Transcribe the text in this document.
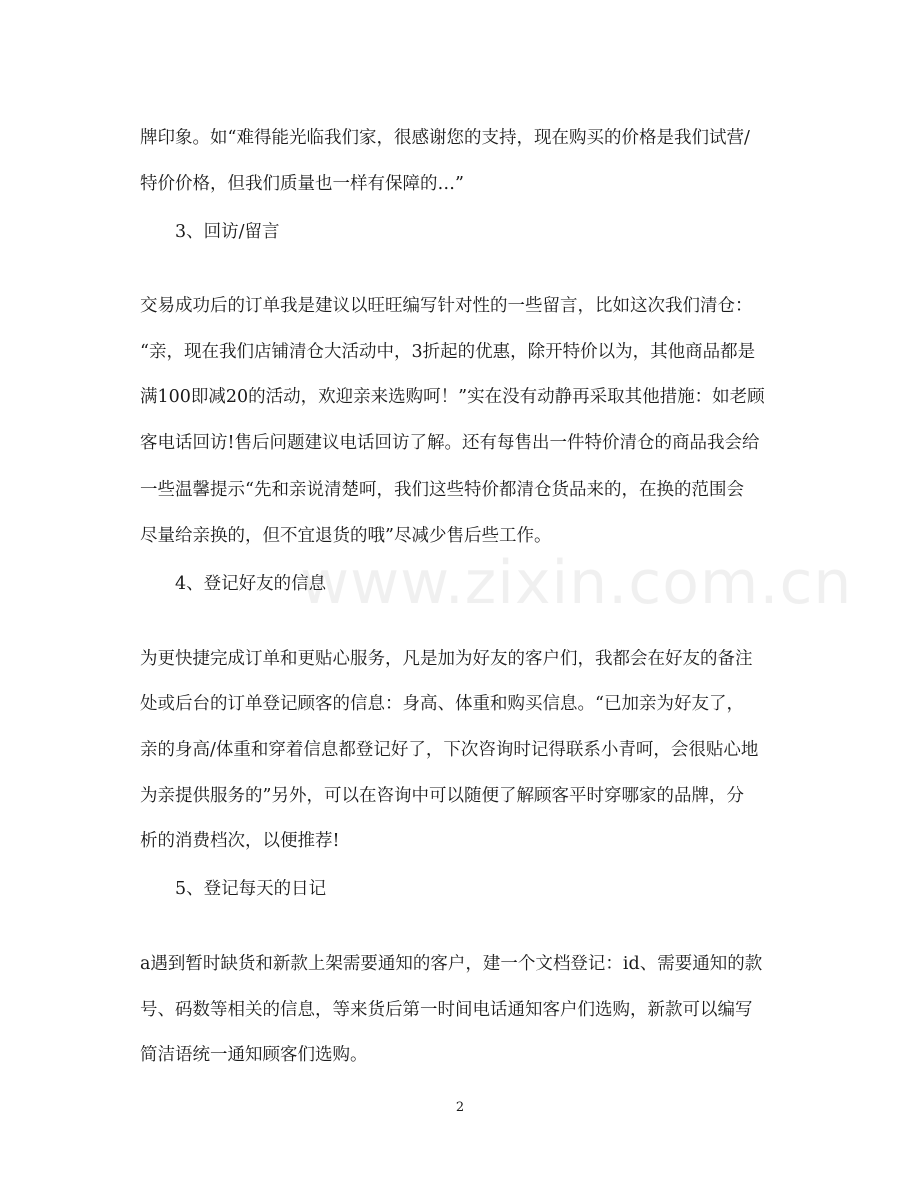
www.zixin.com.cn
牌印象。如“难得能光临我们家，很感谢您的支持，现在购买的价格是我们试营/
特价价格，但我们质量也一样有保障的…”
3、回访/留言
交易成功后的订单我是建议以旺旺编写针对性的一些留言，比如这次我们清仓：
“亲，现在我们店铺清仓大活动中，3折起的优惠，除开特价以为，其他商品都是
满100即减20的活动，欢迎亲来选购呵！”实在没有动静再采取其他措施：如老顾
客电话回访!售后问题建议电话回访了解。还有每售出一件特价清仓的商品我会给
一些温馨提示“先和亲说清楚呵，我们这些特价都清仓货品来的，在换的范围会
尽量给亲换的，但不宜退货的哦”尽减少售后些工作。
4、登记好友的信息
为更快捷完成订单和更贴心服务，凡是加为好友的客户们，我都会在好友的备注
处或后台的订单登记顾客的信息：身高、体重和购买信息。“已加亲为好友了，
亲的身高/体重和穿着信息都登记好了，下次咨询时记得联系小青呵，会很贴心地
为亲提供服务的”另外，可以在咨询中可以随便了解顾客平时穿哪家的品牌，分
析的消费档次，以便推荐!
5、登记每天的日记
a遇到暂时缺货和新款上架需要通知的客户，建一个文档登记：id、需要通知的款
号、码数等相关的信息，等来货后第一时间电话通知客户们选购，新款可以编写
简洁语统一通知顾客们选购。
2
